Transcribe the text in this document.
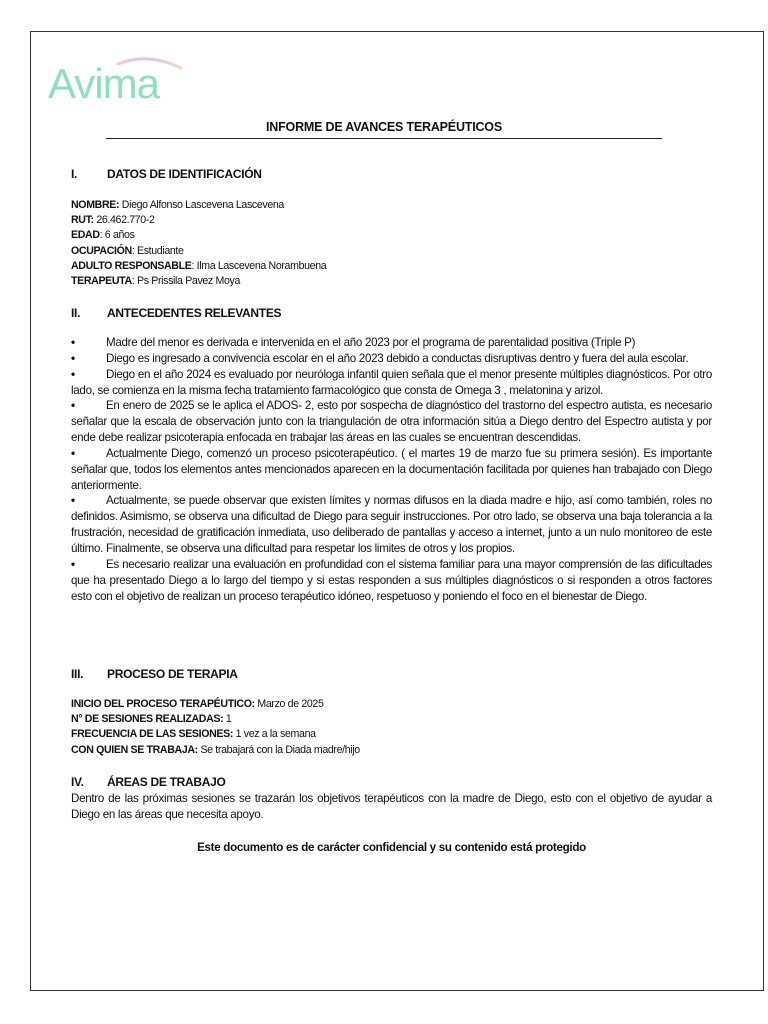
Avima
INFORME DE AVANCES TERAPÉUTICOS
I. DATOS DE IDENTIFICACIÓN
NOMBRE: Diego Alfonso Lascevena Lascevena
RUT: 26.462.770-2
EDAD: 6 años
OCUPACIÓN: Estudiante
ADULTO RESPONSABLE: Ilma Lascevena Norambuena
TERAPEUTA: Ps Prissila Pavez Moya
II. ANTECEDENTES RELEVANTES

•	Madre del menor es derivada e intervenida en el año 2023 por el programa de parentalidad positiva (Triple P)

•	Diego es ingresado a convivencia escolar en el año 2023 debido a conductas disruptivas dentro y fuera del aula escolar.

•	Diego en el año 2024 es evaluado por neuróloga infantil quien señala que el menor presente múltiples diagnósticos. Por otro lado, se comienza en la misma fecha tratamiento farmacológico que consta de Omega 3 , melatonina y arizol.

•	En enero de 2025 se le aplica el ADOS- 2, esto por sospecha de diagnóstico del trastorno del espectro autista, es necesario señalar que la escala de observación junto con la triangulación de otra información sitúa a Diego dentro del Espectro autista y por ende debe realizar psicoterapia enfocada en trabajar las áreas en las cuales se encuentran descendidas.

•	Actualmente Diego, comenzó un proceso psicoterapéutico. ( el martes 19 de marzo fue su primera sesión). Es importante señalar que, todos los elementos antes mencionados aparecen en la documentación facilitada por quienes han trabajado con Diego anteriormente.

•	Actualmente, se puede observar que existen límites y normas difusos en la diada madre e hijo, así como también, roles no definidos. Asimismo, se observa una dificultad de Diego para seguir instrucciones. Por otro lado, se observa una baja tolerancia a la frustración, necesidad de gratificación inmediata, uso deliberado de pantallas y acceso a internet, junto a un nulo monitoreo de este último. Finalmente, se observa una dificultad para respetar los limites de otros y los propios.

•	Es necesario realizar una evaluación en profundidad con el sistema familiar para una mayor comprensión de las dificultades que ha presentado Diego a lo largo del tiempo y si estas responden a sus múltiples diagnósticos o si responden a otros factores esto con el objetivo de realizan un proceso terapéutico idóneo, respetuoso y poniendo el foco en el bienestar de Diego.

III. PROCESO DE TERAPIA
INICIO DEL PROCESO TERAPÉUTICO: Marzo de 2025
N° DE SESIONES REALIZADAS: 1
FRECUENCIA DE LAS SESIONES: 1 vez a la semana
CON QUIEN SE TRABAJA: Se trabajará con la Diada madre/hijo
IV. ÁREAS DE TRABAJO
Dentro de las próximas sesiones se trazarán los objetivos terapéuticos con la madre de Diego, esto con el objetivo de ayudar a Diego en las áreas que necesita apoyo.
Este documento es de carácter confidencial y su contenido está protegido
